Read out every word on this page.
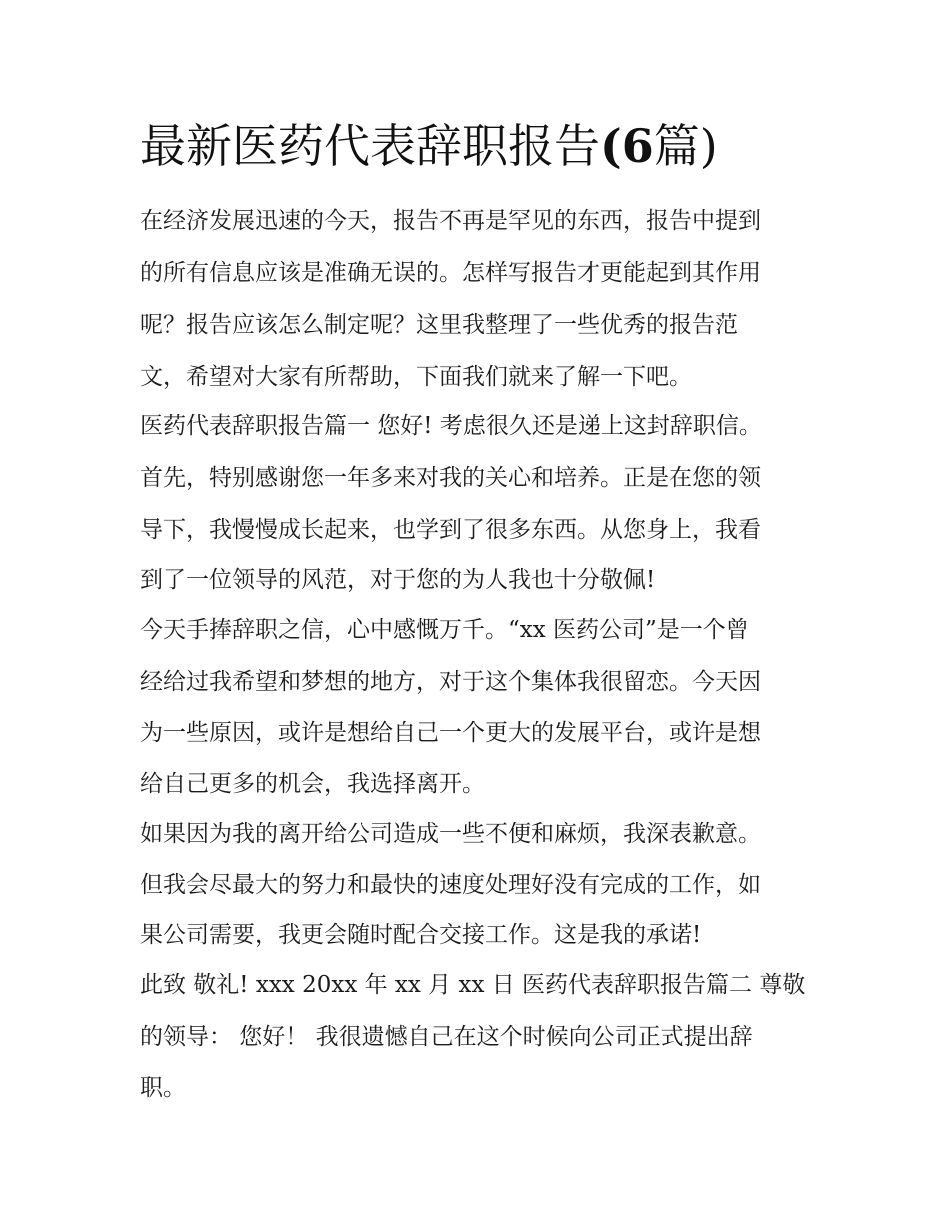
最新医药代表辞职报告(6篇)

在经济发展迅速的今天，报告不再是罕见的东西，报告中提到

的所有信息应该是准确无误的。怎样写报告才更能起到其作用

呢？报告应该怎么制定呢？这里我整理了一些优秀的报告范

文，希望对大家有所帮助，下面我们就来了解一下吧。

医药代表辞职报告篇一 您好! 考虑很久还是递上这封辞职信。

首先，特别感谢您一年多来对我的关心和培养。正是在您的领

导下，我慢慢成长起来，也学到了很多东西。从您身上，我看

到了一位领导的风范，对于您的为人我也十分敬佩!

今天手捧辞职之信，心中感慨万千。“xx 医药公司”是一个曾

经给过我希望和梦想的地方，对于这个集体我很留恋。今天因

为一些原因，或许是想给自己一个更大的发展平台，或许是想

给自己更多的机会，我选择离开。

如果因为我的离开给公司造成一些不便和麻烦，我深表歉意。

但我会尽最大的努力和最快的速度处理好没有完成的工作，如

果公司需要，我更会随时配合交接工作。这是我的承诺!

此致 敬礼! xxx 20xx 年 xx 月 xx 日 医药代表辞职报告篇二 尊敬

的领导： 您好！ 我很遗憾自己在这个时候向公司正式提出辞

职。
